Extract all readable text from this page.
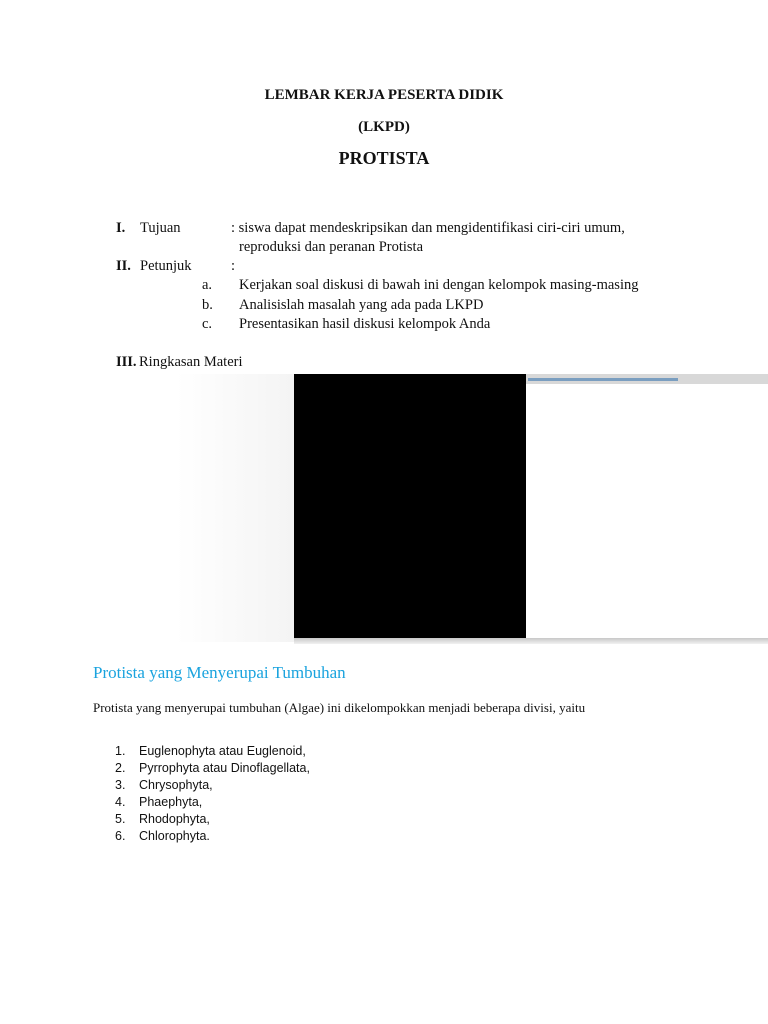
LEMBAR KERJA PESERTA DIDIK
(LKPD)
PROTISTA
I. Tujuan	: siswa dapat mendeskripsikan dan mengidentifikasi ciri-ciri umum,
reproduksi dan peranan Protista
II. Petunjuk	:
a. Kerjakan soal diskusi di bawah ini dengan kelompok masing-masing
b. Analisislah masalah yang ada pada LKPD
c. Presentasikan hasil diskusi kelompok Anda
III. Ringkasan Materi
Protista yang Menyerupai Tumbuhan
Protista yang menyerupai tumbuhan (Algae) ini dikelompokkan menjadi beberapa divisi, yaitu
1.	Euglenophyta atau Euglenoid,
2.	Pyrrophyta atau Dinoflagellata,
3.	Chrysophyta,
4.	Phaephyta,
5.	Rhodophyta,
6.	Chlorophyta.
